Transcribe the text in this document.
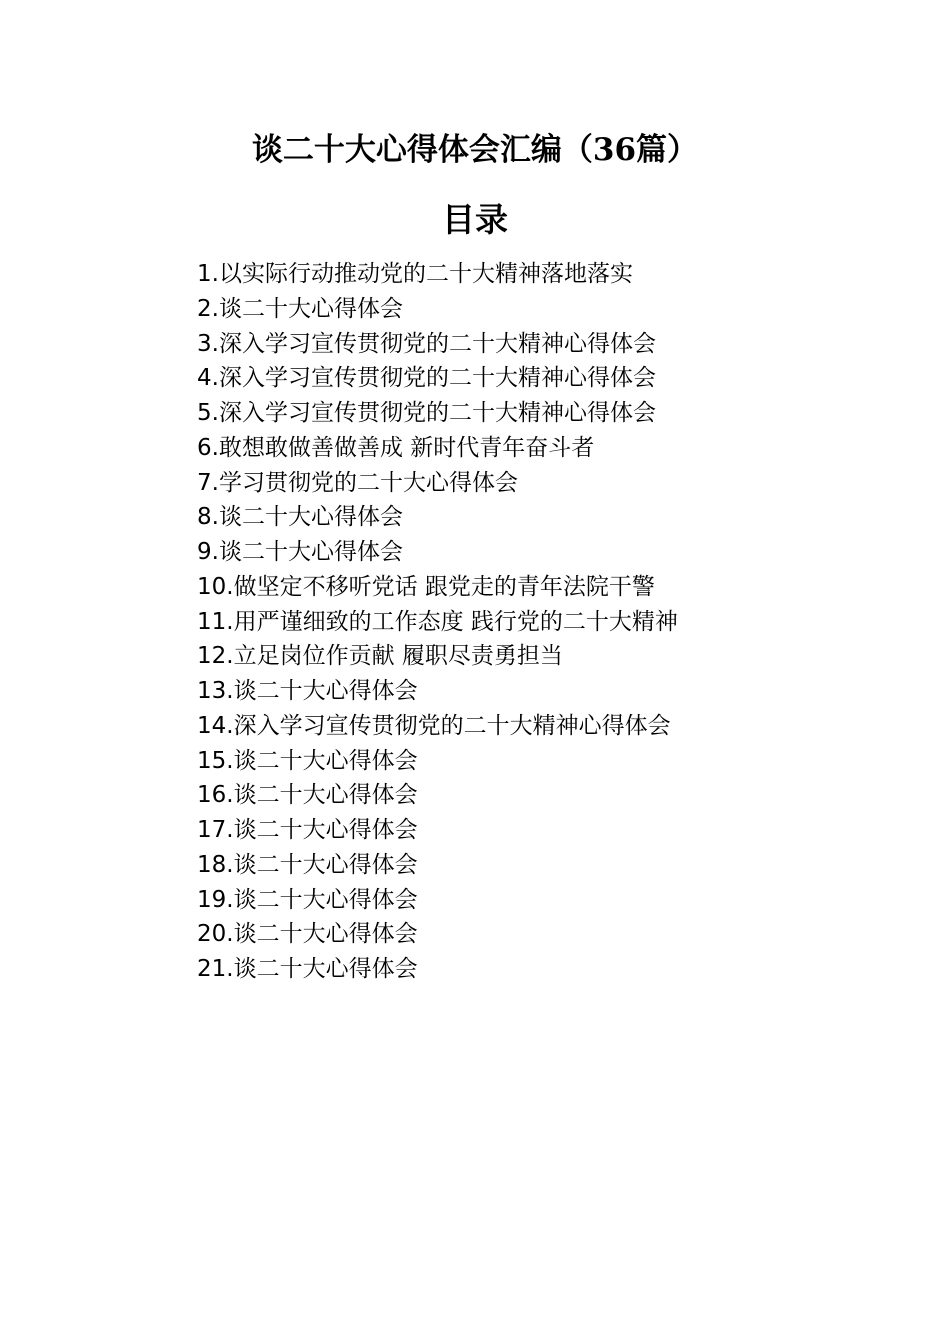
谈二十大心得体会汇编（36篇）
目录
1.以实际行动推动党的二十大精神落地落实
2.谈二十大心得体会
3.深入学习宣传贯彻党的二十大精神心得体会
4.深入学习宣传贯彻党的二十大精神心得体会
5.深入学习宣传贯彻党的二十大精神心得体会
6.敢想敢做善做善成 新时代青年奋斗者
7.学习贯彻党的二十大心得体会
8.谈二十大心得体会
9.谈二十大心得体会
10.做坚定不移听党话 跟党走的青年法院干警
11.用严谨细致的工作态度 践行党的二十大精神
12.立足岗位作贡献 履职尽责勇担当
13.谈二十大心得体会
14.深入学习宣传贯彻党的二十大精神心得体会
15.谈二十大心得体会
16.谈二十大心得体会
17.谈二十大心得体会
18.谈二十大心得体会
19.谈二十大心得体会
20.谈二十大心得体会
21.谈二十大心得体会
